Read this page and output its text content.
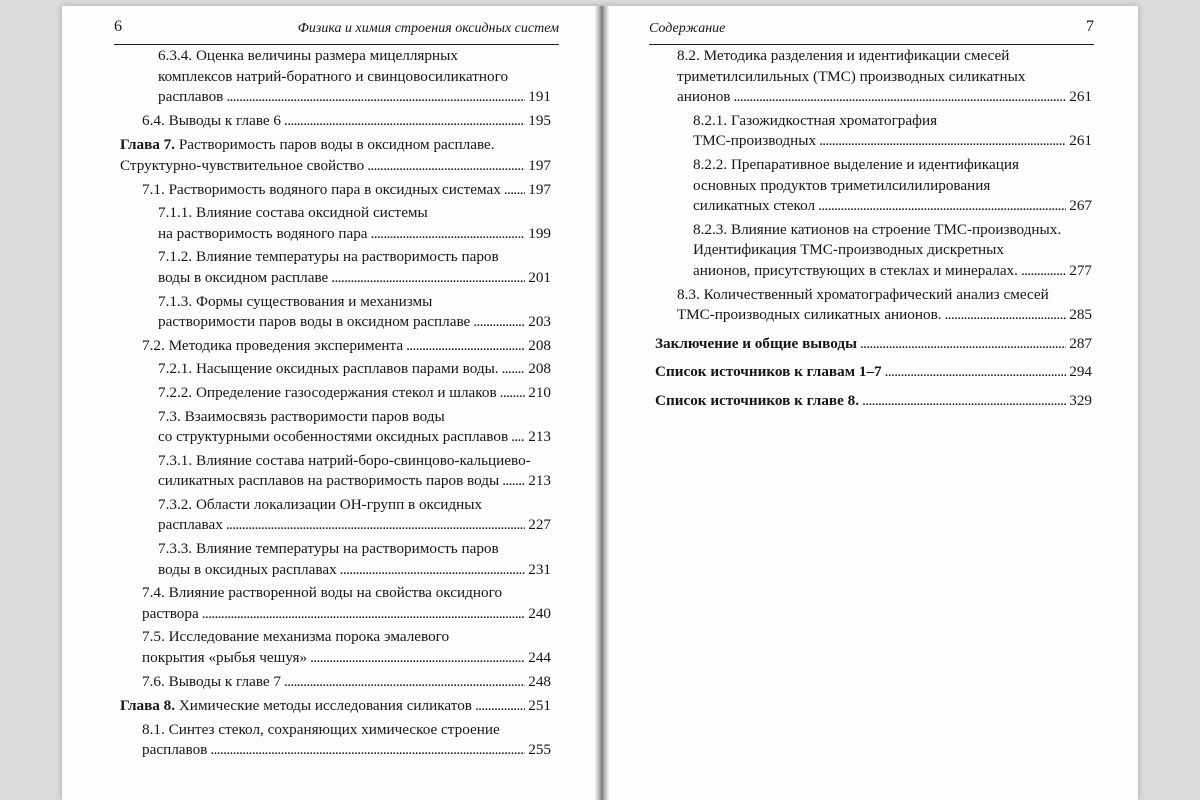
6	Физика и химия строения оксидных систем
6.3.4. Оценка величины размера мицеллярных
комплексов натрий-боратного и свинцовосиликатного
расплавов . . .	191
6.4. Выводы к главе 6 . . .	195
Глава 7. Растворимость паров воды в оксидном расплаве.
Структурно-чувствительное свойство . . .	197
7.1. Растворимость водяного пара в оксидных системах . . . 197
7.1.1. Влияние состава оксидной системы
на растворимость водяного пара . . .	199
7.1.2. Влияние температуры на растворимость паров
воды в оксидном расплаве . . .	201
7.1.3. Формы существования и механизмы
растворимости паров воды в оксидном расплаве . . .	203
7.2. Методика проведения эксперимента . . .	208
7.2.1. Насыщение оксидных расплавов парами воды. . . . 208
7.2.2. Определение газосодержания стекол и шлаков . . . 210
7.3. Взаимосвязь растворимости паров воды
со структурными особенностями оксидных расплавов . . . 213
7.3.1. Влияние состава натрий-боро-свинцово-кальциево-
силикатных расплавов на растворимость паров воды . . . 213
7.3.2. Области локализации ОН-групп в оксидных
расплавах . . .	227
7.3.3. Влияние температуры на растворимость паров
воды в оксидных расплавах . . .	231
7.4. Влияние растворенной воды на свойства оксидного
раствора . . .	240
7.5. Исследование механизма порока эмалевого
покрытия «рыбья чешуя» . . .	244
7.6. Выводы к главе 7 . . .	248
Глава 8. Химические методы исследования силикатов . . .	251
8.1. Синтез стекол, сохраняющих химическое строение
расплавов . . .	255
Содержание	7
8.2. Методика разделения и идентификации смесей
триметилсилильных (ТМС) производных силикатных
анионов . . .	261
8.2.1. Газожидкостная хроматография
ТМС-производных . . .	261
8.2.2. Препаративное выделение и идентификация
основных продуктов триметилсилилирования
силикатных стекол . . .	267
8.2.3. Влияние катионов на строение ТМС-производных.
Идентификация ТМС-производных дискретных
анионов, присутствующих в стеклах и минералах. . . .	277
8.3. Количественный хроматографический анализ смесей
ТМС-производных силикатных анионов. . . .	285
Заключение и общие выводы . . .	287
Список источников к главам 1–7 . . .	294
Список источников к главе 8. . . .	329
